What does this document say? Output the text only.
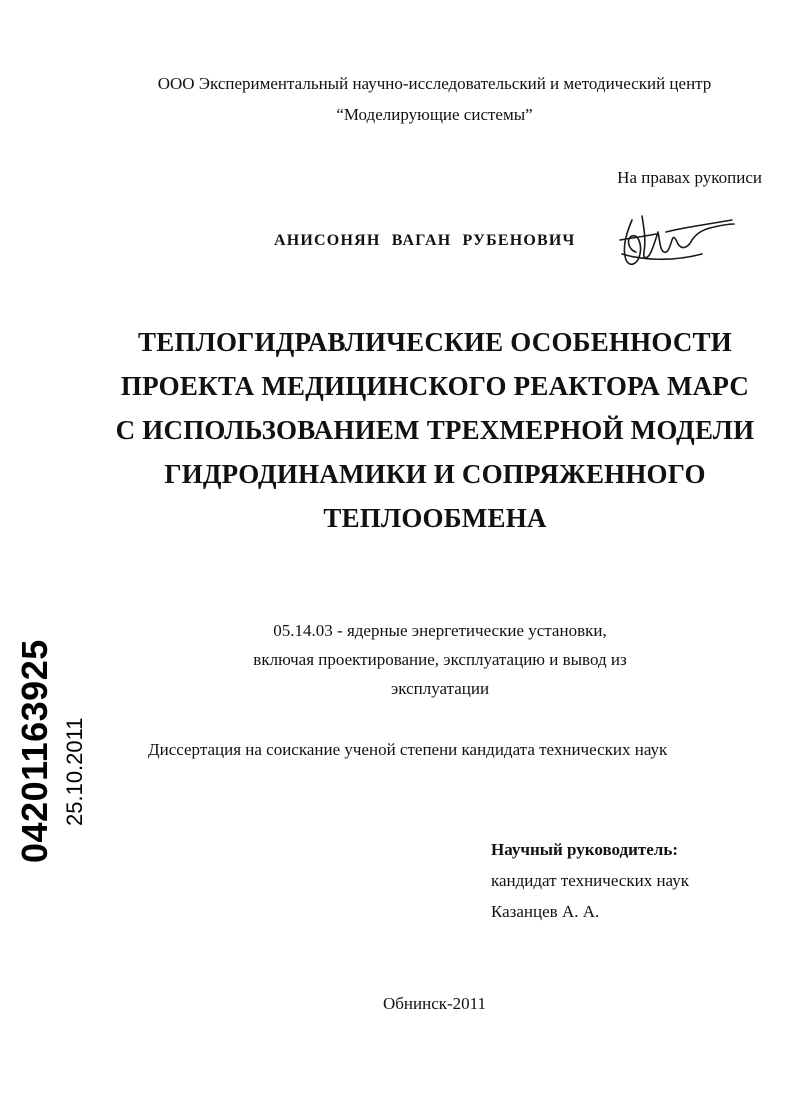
ООО Экспериментальный научно-исследовательский и методический центр
“Моделирующие системы”
На правах рукописи
АНИСОНЯН ВАГАН РУБЕНОВИЧ
ТЕПЛОГИДРАВЛИЧЕСКИЕ ОСОБЕННОСТИ
ПРОЕКТА МЕДИЦИНСКОГО РЕАКТОРА МАРС
С ИСПОЛЬЗОВАНИЕМ ТРЕХМЕРНОЙ МОДЕЛИ
ГИДРОДИНАМИКИ И СОПРЯЖЕННОГО
ТЕПЛООБМЕНА
05.14.03 - ядерные энергетические установки,
включая проектирование, эксплуатацию и вывод из
эксплуатации
Диссертация на соискание ученой степени кандидата технических наук
Научный руководитель:
кандидат технических наук
Казанцев А. А.
Обнинск-2011
04201163925 25.10.2011
